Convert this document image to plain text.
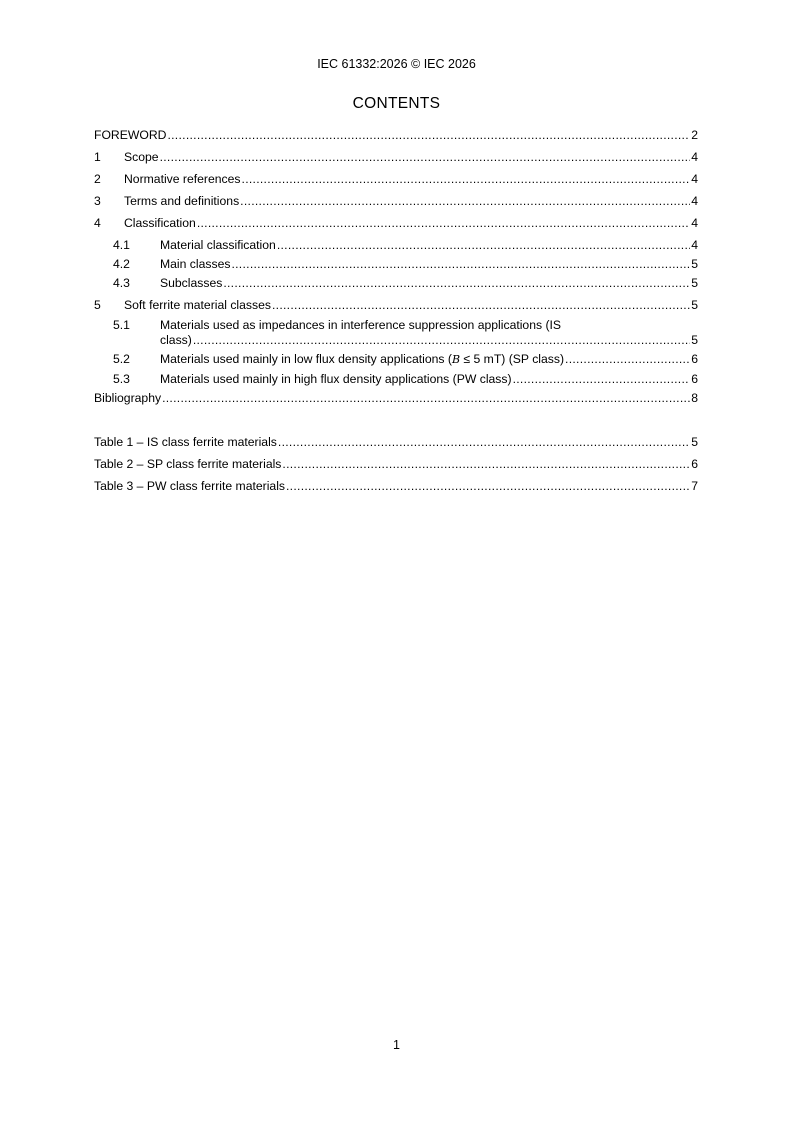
IEC 61332:2026 © IEC 2026
CONTENTS
FOREWORD . . .	2
1	Scope . . .	4
2	Normative references . . .	4
3	Terms and definitions . . .	4
4	Classification . . .	4
4.1	Material classification . . .	4
4.2	Main classes . . .	5
4.3	Subclasses . . .	5
5	Soft ferrite material classes . . .	5
5.1	Materials used as impedances in interference suppression applications (IS
class) . . .	5
5.2	Materials used mainly in low flux density applications (B ≤ 5 mT) (SP class) . . .	6
5.3	Materials used mainly in high flux density applications (PW class) . . .	6
Bibliography . . .	8
Table 1 – IS class ferrite materials . . .	5
Table 2 – SP class ferrite materials . . .	6
Table 3 – PW class ferrite materials . . .	7
1
